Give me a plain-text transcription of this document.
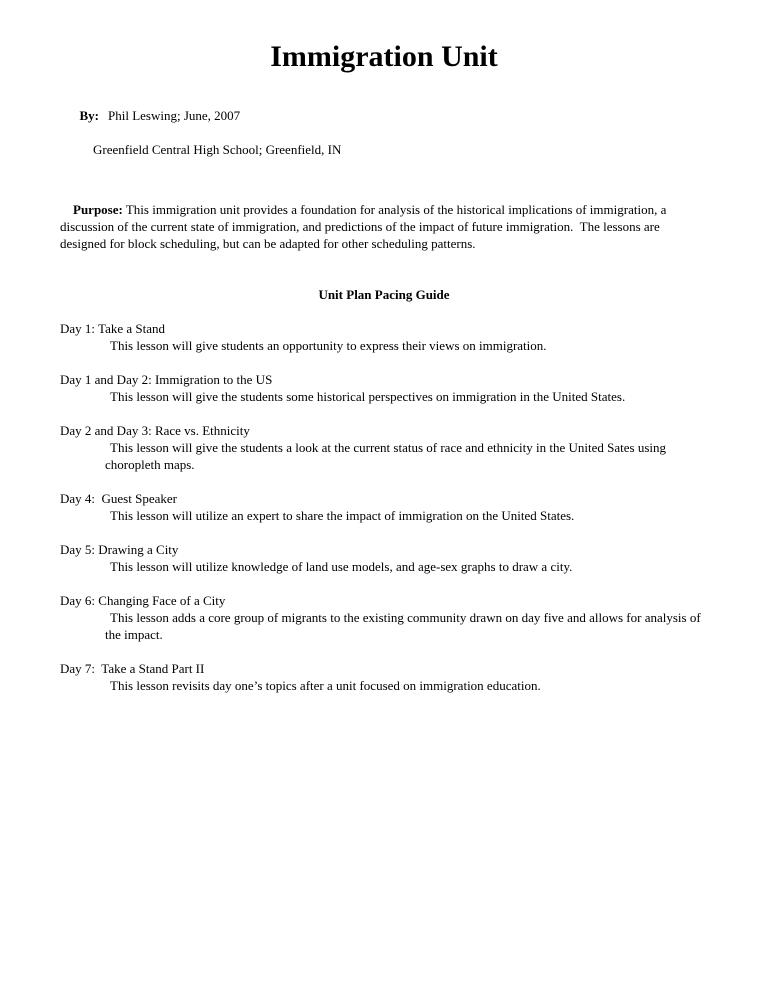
Immigration Unit

By: Phil Leswing; June, 2007

Greenfield Central High School; Greenfield, IN

Purpose: This immigration unit provides a foundation for analysis of the historical implications of immigration, a discussion of the current state of immigration, and predictions of the impact of future immigration.  The lessons are designed for block scheduling, but can be adapted for other scheduling patterns.

Unit Plan Pacing Guide
Day 1: Take a Stand
This lesson will give students an opportunity to express their views on immigration.
Day 1 and Day 2: Immigration to the US
This lesson will give the students some historical perspectives on immigration in the United States.
Day 2 and Day 3: Race vs. Ethnicity
This lesson will give the students a look at the current status of race and ethnicity in the United Sates using choropleth maps.
Day 4:  Guest Speaker
This lesson will utilize an expert to share the impact of immigration on the United States.
Day 5: Drawing a City
This lesson will utilize knowledge of land use models, and age-sex graphs to draw a city.
Day 6: Changing Face of a City
This lesson adds a core group of migrants to the existing community drawn on day five and allows for analysis of the impact.
Day 7:  Take a Stand Part II
This lesson revisits day one’s topics after a unit focused on immigration education.
